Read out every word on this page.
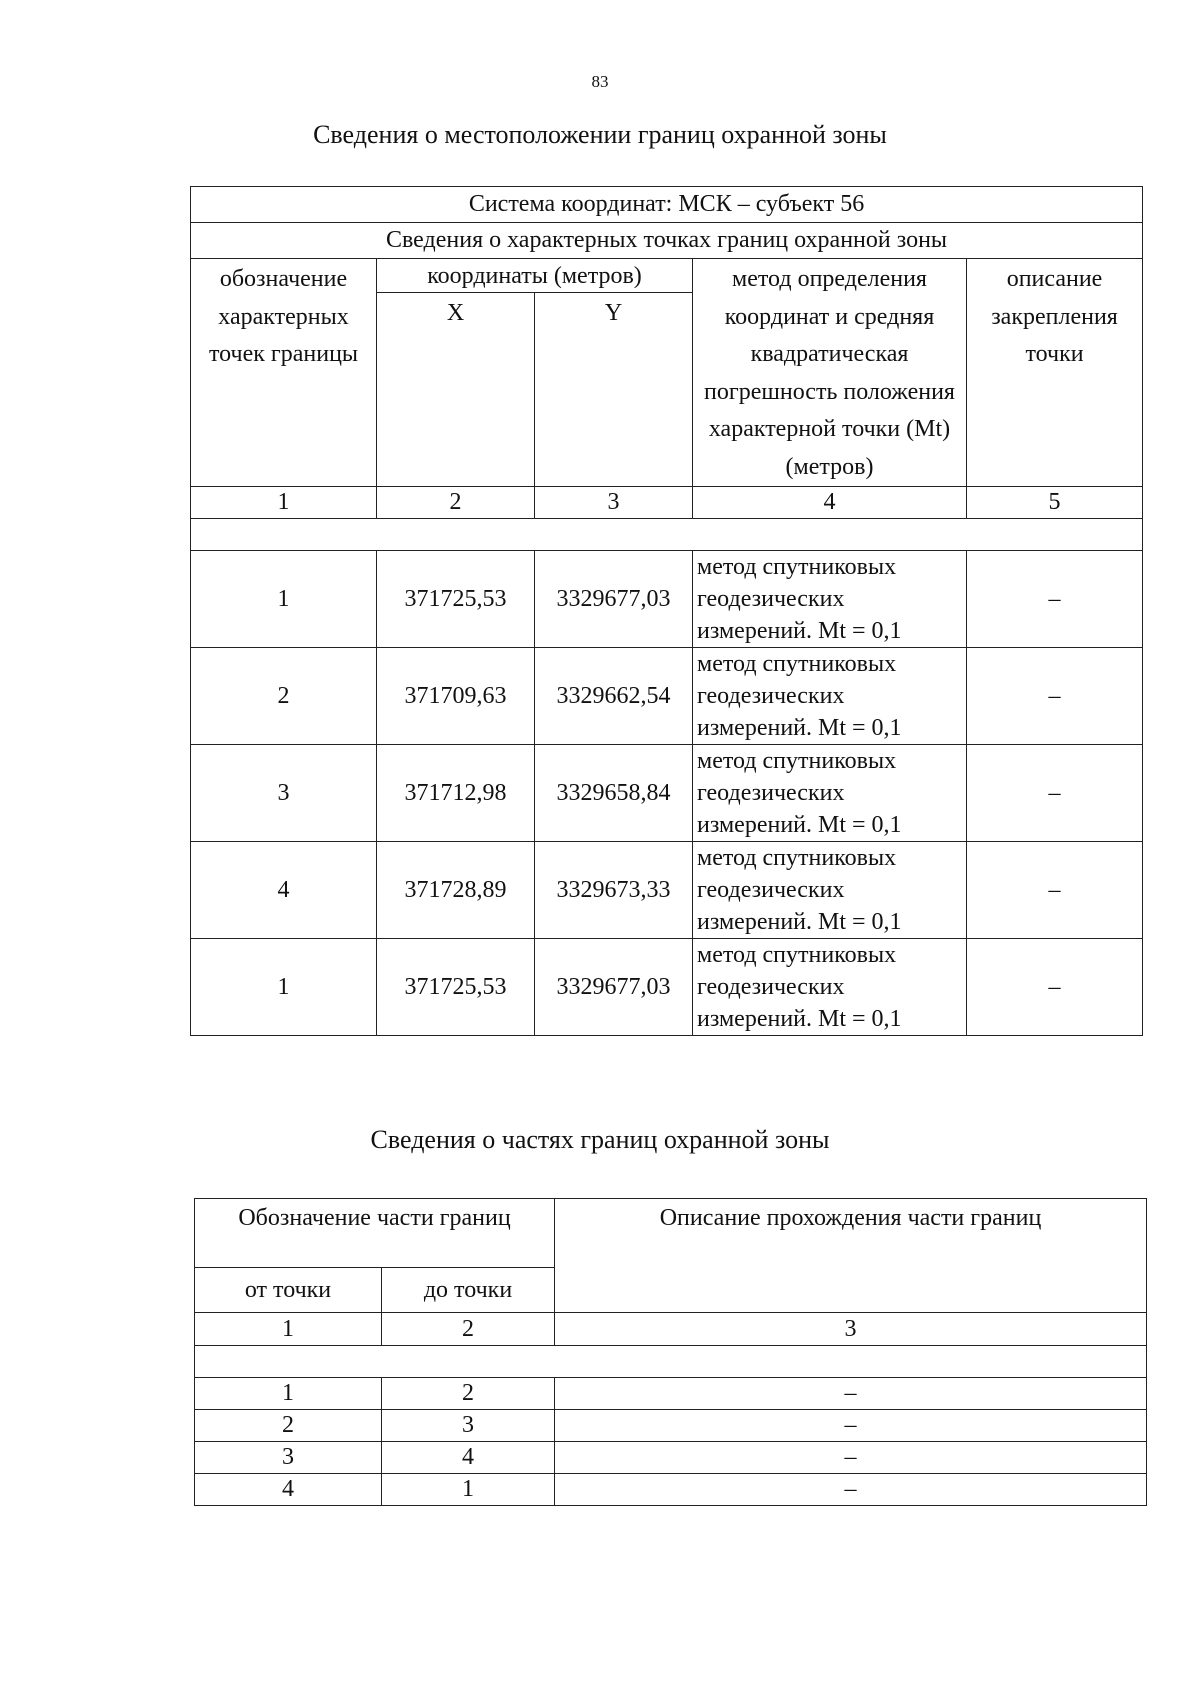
83
Сведения о местоположении границ охранной зоны
Система координат: МСК – субъект 56				
Сведения о характерных точках границ охранной зоны				
обозначение характерных точек границы	координаты (метров)		метод определения координат и средняя квадратическая погрешность положения характерной точки (Mt) (метров)	описание закрепления точки
	X	Y		
1	2	3	4	5

1	371725,53	3329677,03	метод спутниковых геодезических измерений. Mt = 0,1	–
2	371709,63	3329662,54	метод спутниковых геодезических измерений. Mt = 0,1	–
3	371712,98	3329658,84	метод спутниковых геодезических измерений. Mt = 0,1	–
4	371728,89	3329673,33	метод спутниковых геодезических измерений. Mt = 0,1	–
1	371725,53	3329677,03	метод спутниковых геодезических измерений. Mt = 0,1	–
Сведения о частях границ охранной зоны
Обозначение части границ		Описание прохождения части границ
от точки	до точки	
1	2	3

1	2	–
2	3	–
3	4	–
4	1	–
